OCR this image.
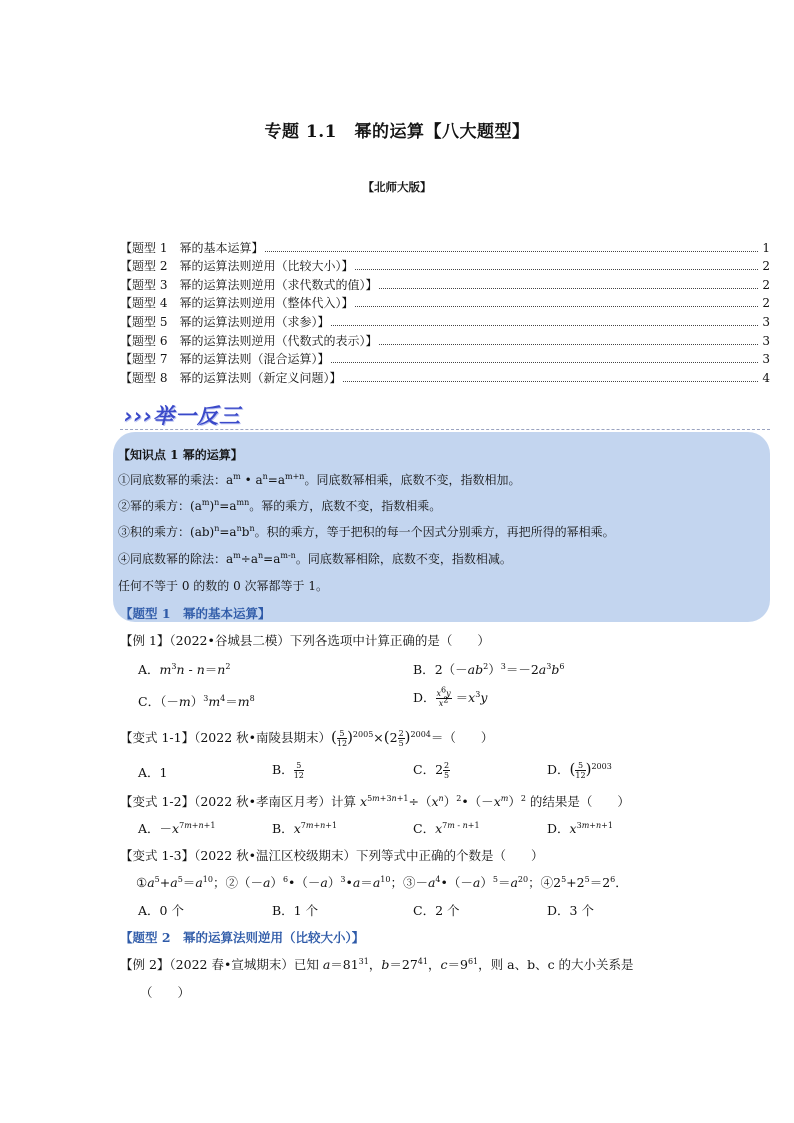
专题 1.1　幂的运算【八大题型】
【北师大版】
【题型 1　幂的基本运算】	1
【题型 2　幂的运算法则逆用（比较大小）】	2
【题型 3　幂的运算法则逆用（求代数式的值）】	2
【题型 4　幂的运算法则逆用（整体代入）】	2
【题型 5　幂的运算法则逆用（求参）】	3
【题型 6　幂的运算法则逆用（代数式的表示）】	3
【题型 7　幂的运算法则（混合运算）】	3
【题型 8　幂的运算法则（新定义问题）】	4
›››举一反三
【知识点 1 幂的运算】
①同底数幂的乘法：$a^m$ • $a^n=a^{m+n}$。同底数幂相乘，底数不变，指数相加。
②幂的乘方：$(a^m)^n=a^{mn}$。幂的乘方，底数不变，指数相乘。
③积的乘方：$(ab)^n=a^nb^n$。积的乘方，等于把积的每一个因式分别乘方，再把所得的幂相乘。
④同底数幂的除法：$a^m\div a^n=a^{m-n}$。同底数幂相除，底数不变，指数相减。
任何不等于 0 的数的 0 次幂都等于 1。
【题型 1　幂的基本运算】
【例 1】（2022•谷城县二模）下列各选项中计算正确的是（　　）
A．$m^3n - n=n^2$	B．$2(-ab^2)^3=-2a^3b^6$
C．$(-m)^3m^4=m^8$	D． $\frac{x^6y}{x^2} =x^3y$
【变式 1-1】（2022 秋•南陵县期末）( $\frac{5}{12} )^{2005}\times(2 \frac{2}{5} )^{2004}=$（　　）
A．1	B． $\frac{5}{12}$	C．$2 \frac{2}{5}$	D．( $\frac{5}{12} )^{2003}$
【变式 1-2】（2022 秋•孝南区月考）计算 $x^{5m+3n+1}\div(x^n)^2•(-x^m)^2$ 的结果是（　　）
A．$-x^{7m+n+1}$	B．$x^{7m+n+1}$	C．$x^{7m - n+1}$	D．$x^{3m+n+1}$
【变式 1-3】（2022 秋•温江区校级期末）下列等式中正确的个数是（　　）
$①a^5+a^5=a^{10}$；$②(-a)^6•(-a)^3•a=a^{10}$；$③-a^4•(-a)^5=a^{20}$；$④2^5+2^5=2^6$．
A．0 个	B．1 个	C．2 个	D．3 个
【题型 2　幂的运算法则逆用（比较大小）】
【例 2】（2022 春•宣城期末）已知 $a=81^{31}$，$b=27^{41}$，$c=9^{61}$，则 a、b、c 的大小关系是
（　　）
